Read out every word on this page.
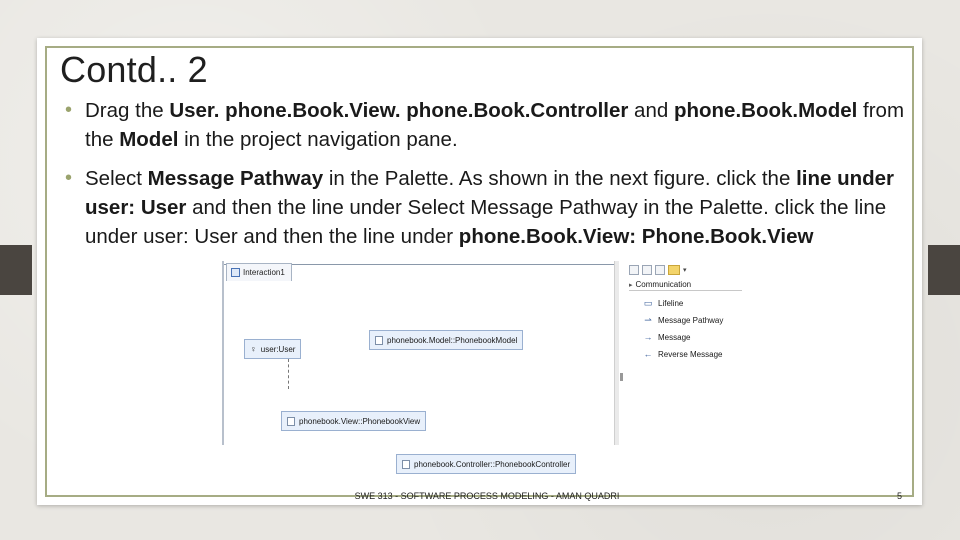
Contd.. 2
• Drag the User. phone.Book.View. phone.Book.Controller and phone.Book.Model from the Model in the project navigation pane.
• Select Message Pathway in the Palette. As shown in the next figure. click the line under user: User and then the line under Select Message Pathway in the Palette. click the line under user: User and then the line under phone.Book.View: Phone.Book.View
Interaction1
♀ user:User
phonebook.Model::PhonebookModel
phonebook.View::PhonebookView
phonebook.Controller::PhonebookController
▾
▸ Communication
▭ Lifeline
⇀ Message Pathway
→ Message
← Reverse Message
SWE 313 - SOFTWARE PROCESS MODELING - AMAN QUADRI	5
